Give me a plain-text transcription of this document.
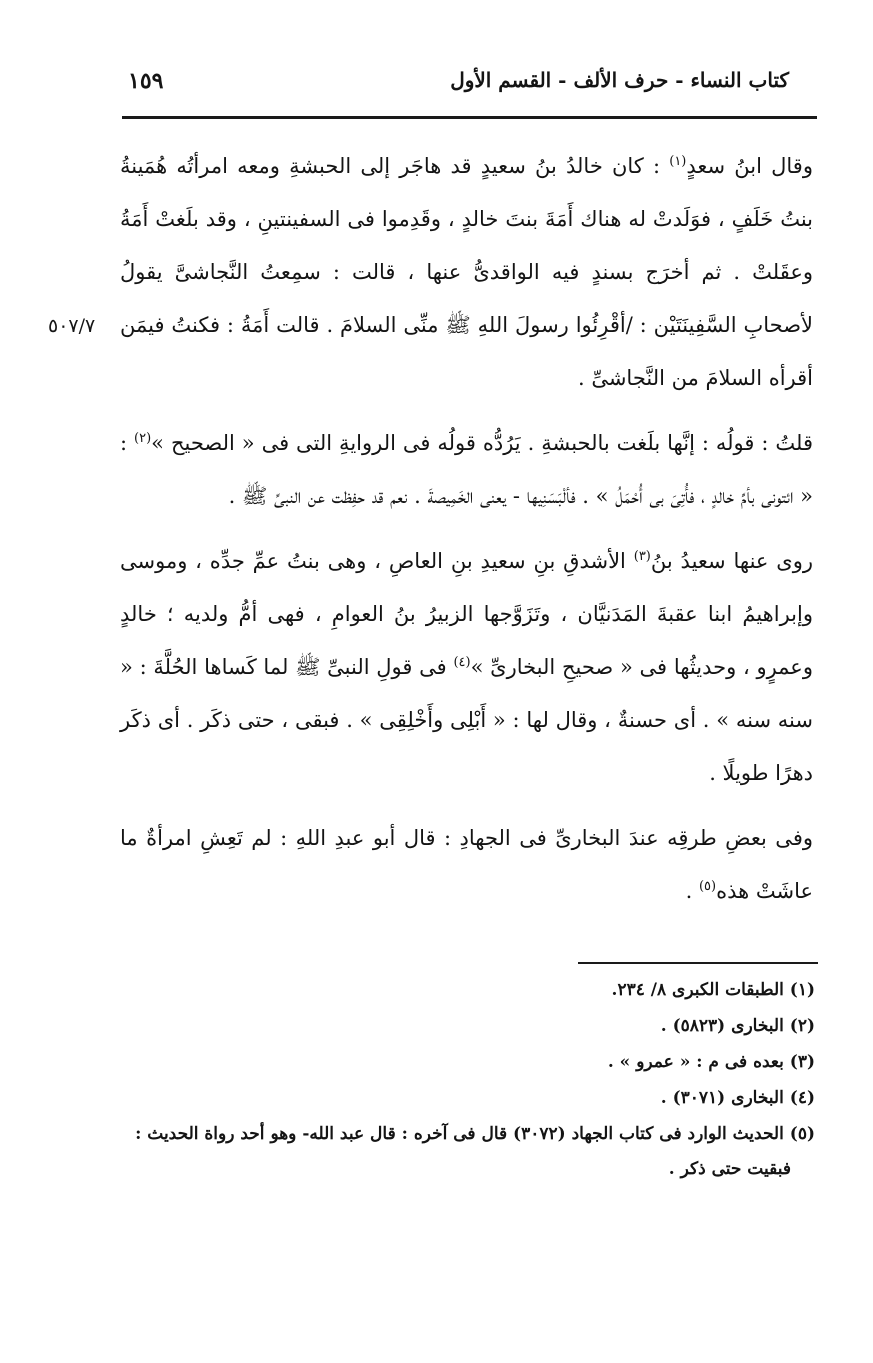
١٥٩	كتاب النساء - حرف الألف - القسم الأول
٥٠٧/٧

وقال ابنُ سعدٍ$^{(١)}$ : كان خالدُ بنُ سعيدٍ قد هاجَر إلى الحبشةِ ومعه امرأتُه هُمَينةُ بنتُ خَلَفٍ ، فوَلَدتْ له هناك أَمَةَ بنتَ خالدٍ ، وقَدِموا فى السفينتينِ ، وقد بلَغتْ أَمَةُ وعقَلتْ . ثم أخرَج بسندٍ فيه الواقدىُّ عنها ، قالت : سمِعتُ النَّجاشىَّ يقولُ لأصحابِ السَّفِينَتَيْن : /أقْرِئُوا رسولَ اللهِ ﷺ منِّى السلامَ . قالت أَمَةُ : فكنتُ فيمَن أقرأه السلامَ من النَّجاشىِّ .

قلتُ : قولُه : إنَّها بلَغت بالحبشةِ . يَرُدُّه قولُه فى الروايةِ التى فى « الصحيح »$^{(٢)}$ : « ائتونى بأمِّ خالدٍ ، فأُتِىَ بى أُحْمَلُ » . فألْبَسَنِيها - يعنى الخَمِيصةَ . نعم قد حفِظت عن النبىِّ ﷺ .

روى عنها سعيدُ بنُ$^{(٣)}$ الأشدقِ بنِ سعيدِ بنِ العاصِ ، وهى بنتُ عمِّ جدِّه ، وموسى وإبراهيمُ ابنا عقبةَ المَدَنيَّان ، وتَزَوَّجها الزبيرُ بنُ العوامِ ، فهى أمُّ ولديه ؛ خالدٍ وعمرٍو ، وحديثُها فى « صحيحِ البخارىِّ »$^{(٤)}$ فى قولِ النبىِّ ﷺ لما كَساها الحُلَّةَ : « سنه سنه » . أى حسنةٌ ، وقال لها : « أَبْلِى وأَخْلِقِى » . فبقى ، حتى ذكَر . أى ذكَر دهرًا طويلًا .

وفى بعضِ طرقِه عندَ البخارىِّ فى الجهادِ : قال أبو عبدِ اللهِ : لم تَعِشِ امرأةٌ ما عاشَتْ هذه$^{(٥)}$ .

(١) الطبقات الكبرى ٨/ ٢٣٤.
(٢) البخارى (٥٨٢٣) .
(٣) بعده فى م : « عمرو » .
(٤) البخارى (٣٠٧١) .
(٥) الحديث الوارد فى كتاب الجهاد (٣٠٧٢) قال فى آخره : قال عبد الله- وهو أحد رواة الحديث :
فبقيت حتى ذكر .
